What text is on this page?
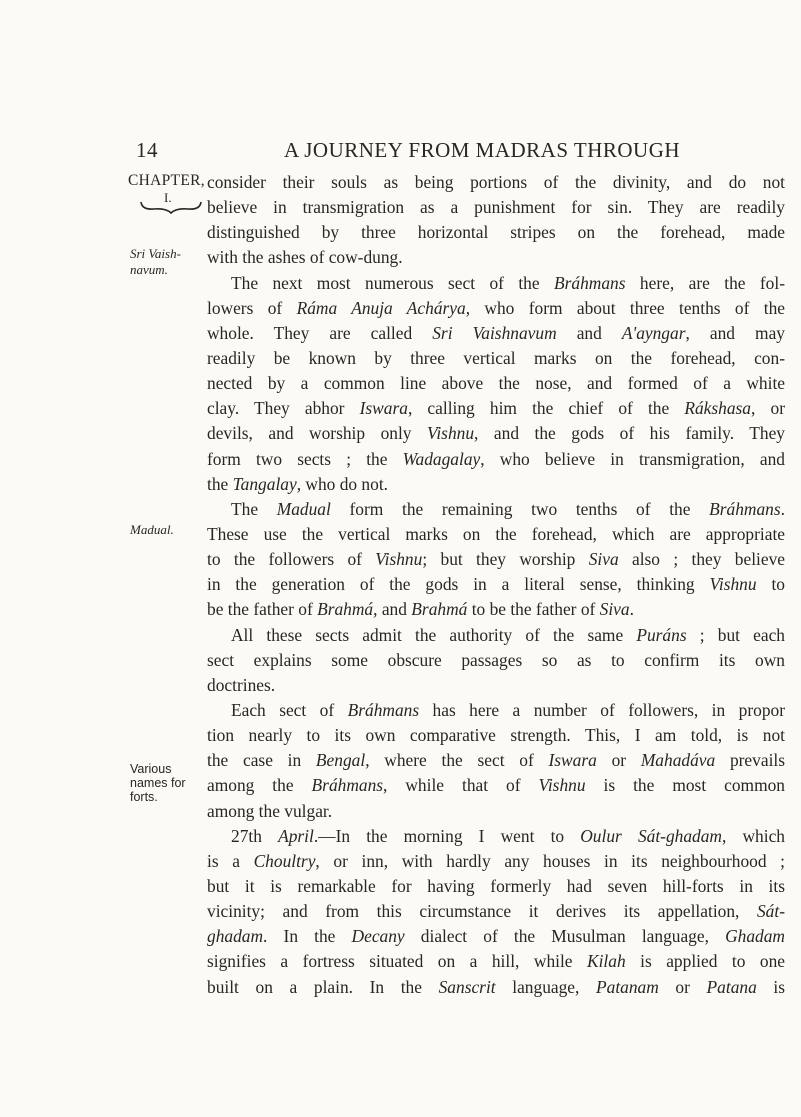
14	A JOURNEY FROM MADRAS THROUGH
CHAPTER,
I.
Sri Vaish-
navum.
Madual.
Various
names for
forts.
consider their souls as being portions of the divinity, and do not
believe in transmigration as a punishment for sin. They are readily
distinguished by three horizontal stripes on the forehead, made
with the ashes of cow-dung.
The next most numerous sect of the Bráhmans here, are the fol-
lowers of Ráma Anuja Achárya, who form about three tenths of the
whole. They are called Sri Vaishnavum and A'ayngar, and may
readily be known by three vertical marks on the forehead, con-
nected by a common line above the nose, and formed of a white
clay. They abhor Iswara, calling him the chief of the Rákshasa, or
devils, and worship only Vishnu, and the gods of his family. They
form two sects ; the Wadagalay, who believe in transmigration, and
the Tangalay, who do not.
The Madual form the remaining two tenths of the Bráhmans.
These use the vertical marks on the forehead, which are appropriate
to the followers of Vishnu; but they worship Siva also ; they believe
in the generation of the gods in a literal sense, thinking Vishnu to
be the father of Brahmá, and Brahmá to be the father of Siva.
All these sects admit the authority of the same Puráns ; but each
sect explains some obscure passages so as to confirm its own
doctrines.
Each sect of Bráhmans has here a number of followers, in propor
tion nearly to its own comparative strength. This, I am told, is not
the case in Bengal, where the sect of Iswara or Mahadáva prevails
among the Bráhmans, while that of Vishnu is the most common
among the vulgar.
27th April.—In the morning I went to Oulur Sát-ghadam, which
is a Choultry, or inn, with hardly any houses in its neighbourhood ;
but it is remarkable for having formerly had seven hill-forts in its
vicinity; and from this circumstance it derives its appellation, Sát-
ghadam. In the Decany dialect of the Musulman language, Ghadam
signifies a fortress situated on a hill, while Kilah is applied to one
built on a plain. In the Sanscrit language, Patanam or Patana is
